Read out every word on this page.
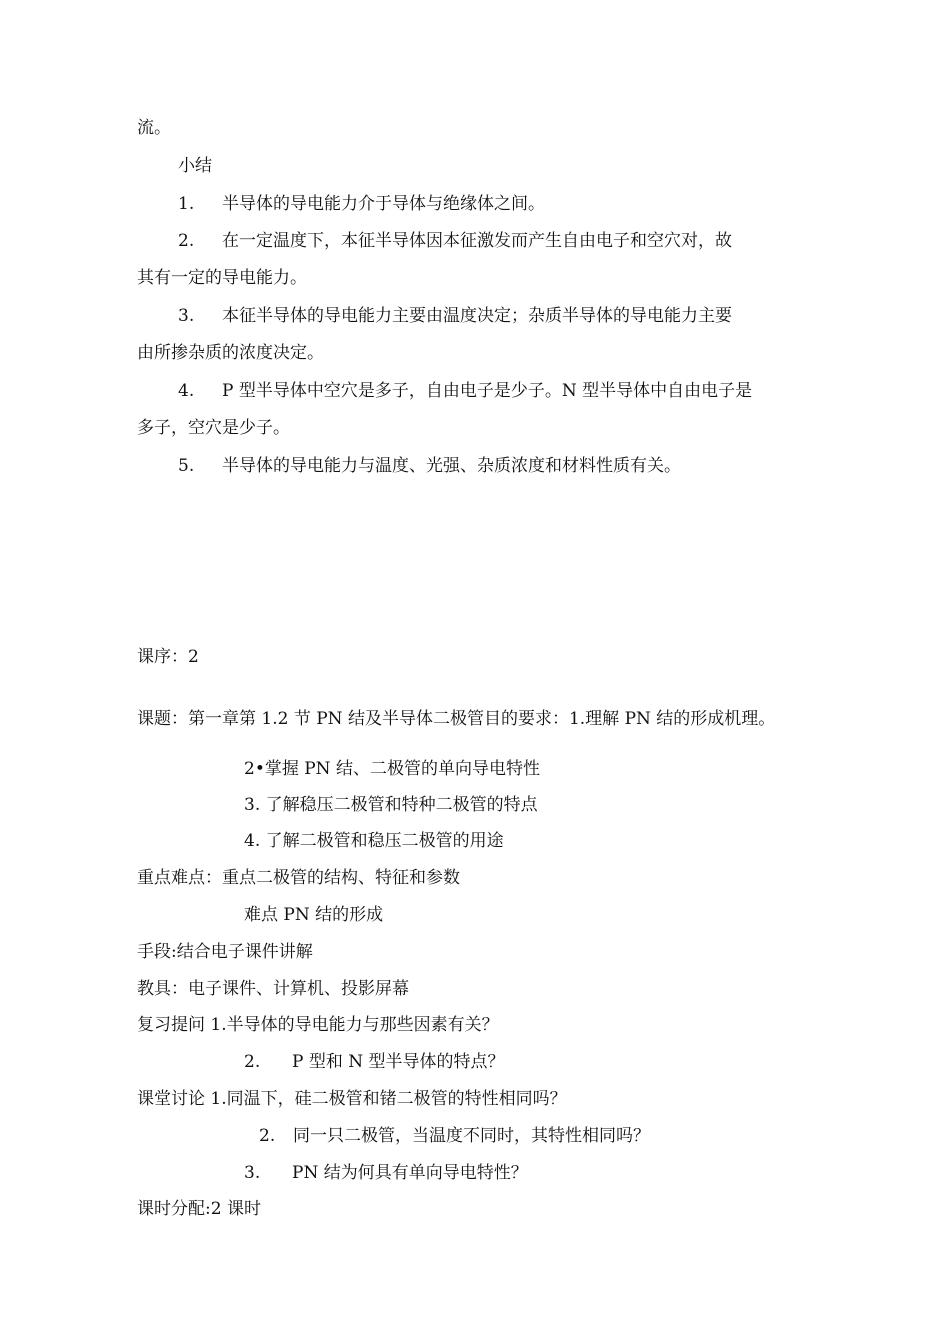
流。
小结
1. 半导体的导电能力介于导体与绝缘体之间。
2. 在一定温度下，本征半导体因本征激发而产生自由电子和空穴对，故
其有一定的导电能力。
3. 本征半导体的导电能力主要由温度决定；杂质半导体的导电能力主要
由所掺杂质的浓度决定。
4. P 型半导体中空穴是多子，自由电子是少子。N 型半导体中自由电子是
多子，空穴是少子。
5. 半导体的导电能力与温度、光强、杂质浓度和材料性质有关。
课序：2
课题：第一章第 1.2 节 PN 结及半导体二极管目的要求：1.理解 PN 结的形成机理。
2•掌握 PN 结、二极管的单向导电特性
3. 了解稳压二极管和特种二极管的特点
4. 了解二极管和稳压二极管的用途
重点难点：重点二极管的结构、特征和参数
难点 PN 结的形成
手段:结合电子课件讲解
教具：电子课件、计算机、投影屏幕
复习提问 1.半导体的导电能力与那些因素有关？
2. P 型和 N 型半导体的特点？
课堂讨论 1.同温下，硅二极管和锗二极管的特性相同吗？
2. 同一只二极管，当温度不同时，其特性相同吗？
3. PN 结为何具有单向导电特性？
课时分配:2 课时
